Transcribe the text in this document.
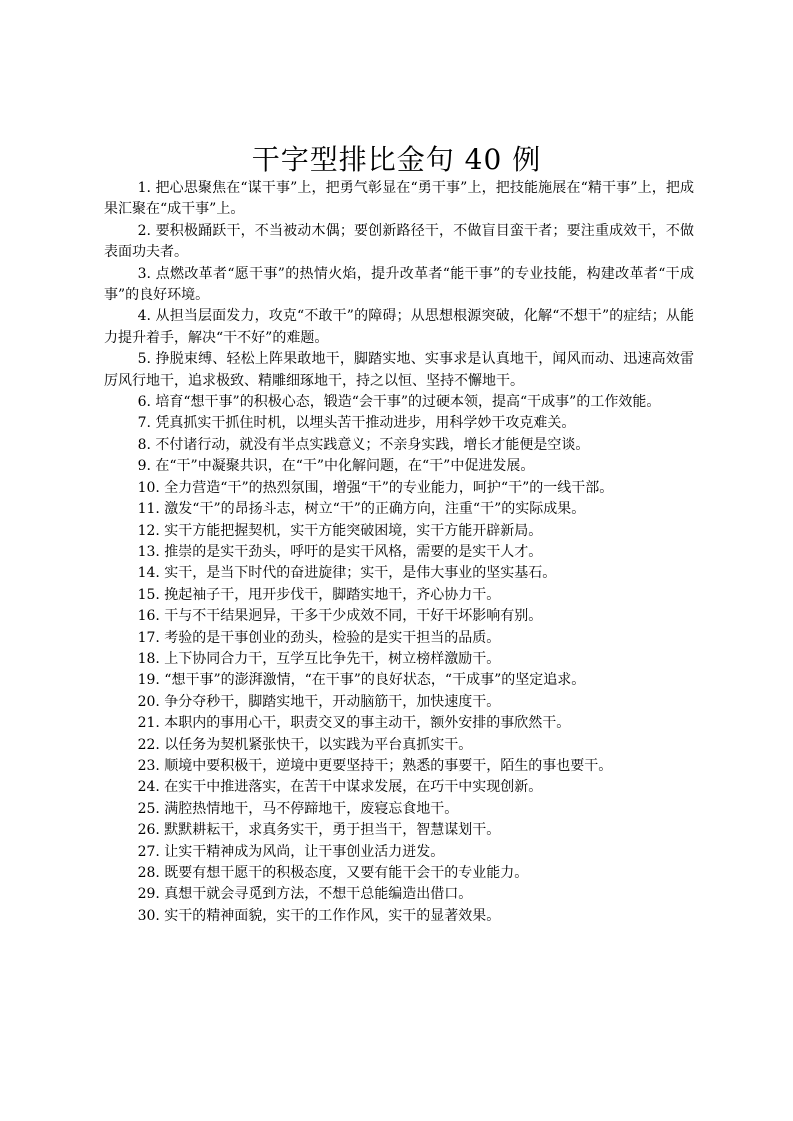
干字型排比金句 40 例

1. 把心思聚焦在“谋干事”上，把勇气彰显在“勇干事”上，把技能施展在“精干事”上，把成果汇聚在“成干事”上。

2. 要积极踊跃干，不当被动木偶；要创新路径干，不做盲目蛮干者；要注重成效干，不做表面功夫者。

3. 点燃改革者“愿干事”的热情火焰，提升改革者“能干事”的专业技能，构建改革者“干成事”的良好环境。

4. 从担当层面发力，攻克“不敢干”的障碍；从思想根源突破，化解“不想干”的症结；从能力提升着手，解决“干不好”的难题。

5. 挣脱束缚、轻松上阵果敢地干，脚踏实地、实事求是认真地干，闻风而动、迅速高效雷厉风行地干，追求极致、精雕细琢地干，持之以恒、坚持不懈地干。

6. 培育“想干事”的积极心态，锻造“会干事”的过硬本领，提高“干成事”的工作效能。

7. 凭真抓实干抓住时机，以埋头苦干推动进步，用科学妙干攻克难关。

8. 不付诸行动，就没有半点实践意义；不亲身实践，增长才能便是空谈。

9. 在“干”中凝聚共识，在“干”中化解问题，在“干”中促进发展。

10. 全力营造“干”的热烈氛围，增强“干”的专业能力，呵护“干”的一线干部。

11. 激发“干”的昂扬斗志，树立“干”的正确方向，注重“干”的实际成果。

12. 实干方能把握契机，实干方能突破困境，实干方能开辟新局。

13. 推崇的是实干劲头，呼吁的是实干风格，需要的是实干人才。

14. 实干，是当下时代的奋进旋律；实干，是伟大事业的坚实基石。

15. 挽起袖子干，甩开步伐干，脚踏实地干，齐心协力干。

16. 干与不干结果迥异，干多干少成效不同，干好干坏影响有别。

17. 考验的是干事创业的劲头，检验的是实干担当的品质。

18. 上下协同合力干，互学互比争先干，树立榜样激励干。

19. “想干事”的澎湃激情，“在干事”的良好状态，“干成事”的坚定追求。

20. 争分夺秒干，脚踏实地干，开动脑筋干，加快速度干。

21. 本职内的事用心干，职责交叉的事主动干，额外安排的事欣然干。

22. 以任务为契机紧张快干，以实践为平台真抓实干。

23. 顺境中要积极干，逆境中更要坚持干；熟悉的事要干，陌生的事也要干。

24. 在实干中推进落实，在苦干中谋求发展，在巧干中实现创新。

25. 满腔热情地干，马不停蹄地干，废寝忘食地干。

26. 默默耕耘干，求真务实干，勇于担当干，智慧谋划干。

27. 让实干精神成为风尚，让干事创业活力迸发。

28. 既要有想干愿干的积极态度，又要有能干会干的专业能力。

29. 真想干就会寻觅到方法，不想干总能编造出借口。

30. 实干的精神面貌，实干的工作作风，实干的显著效果。
